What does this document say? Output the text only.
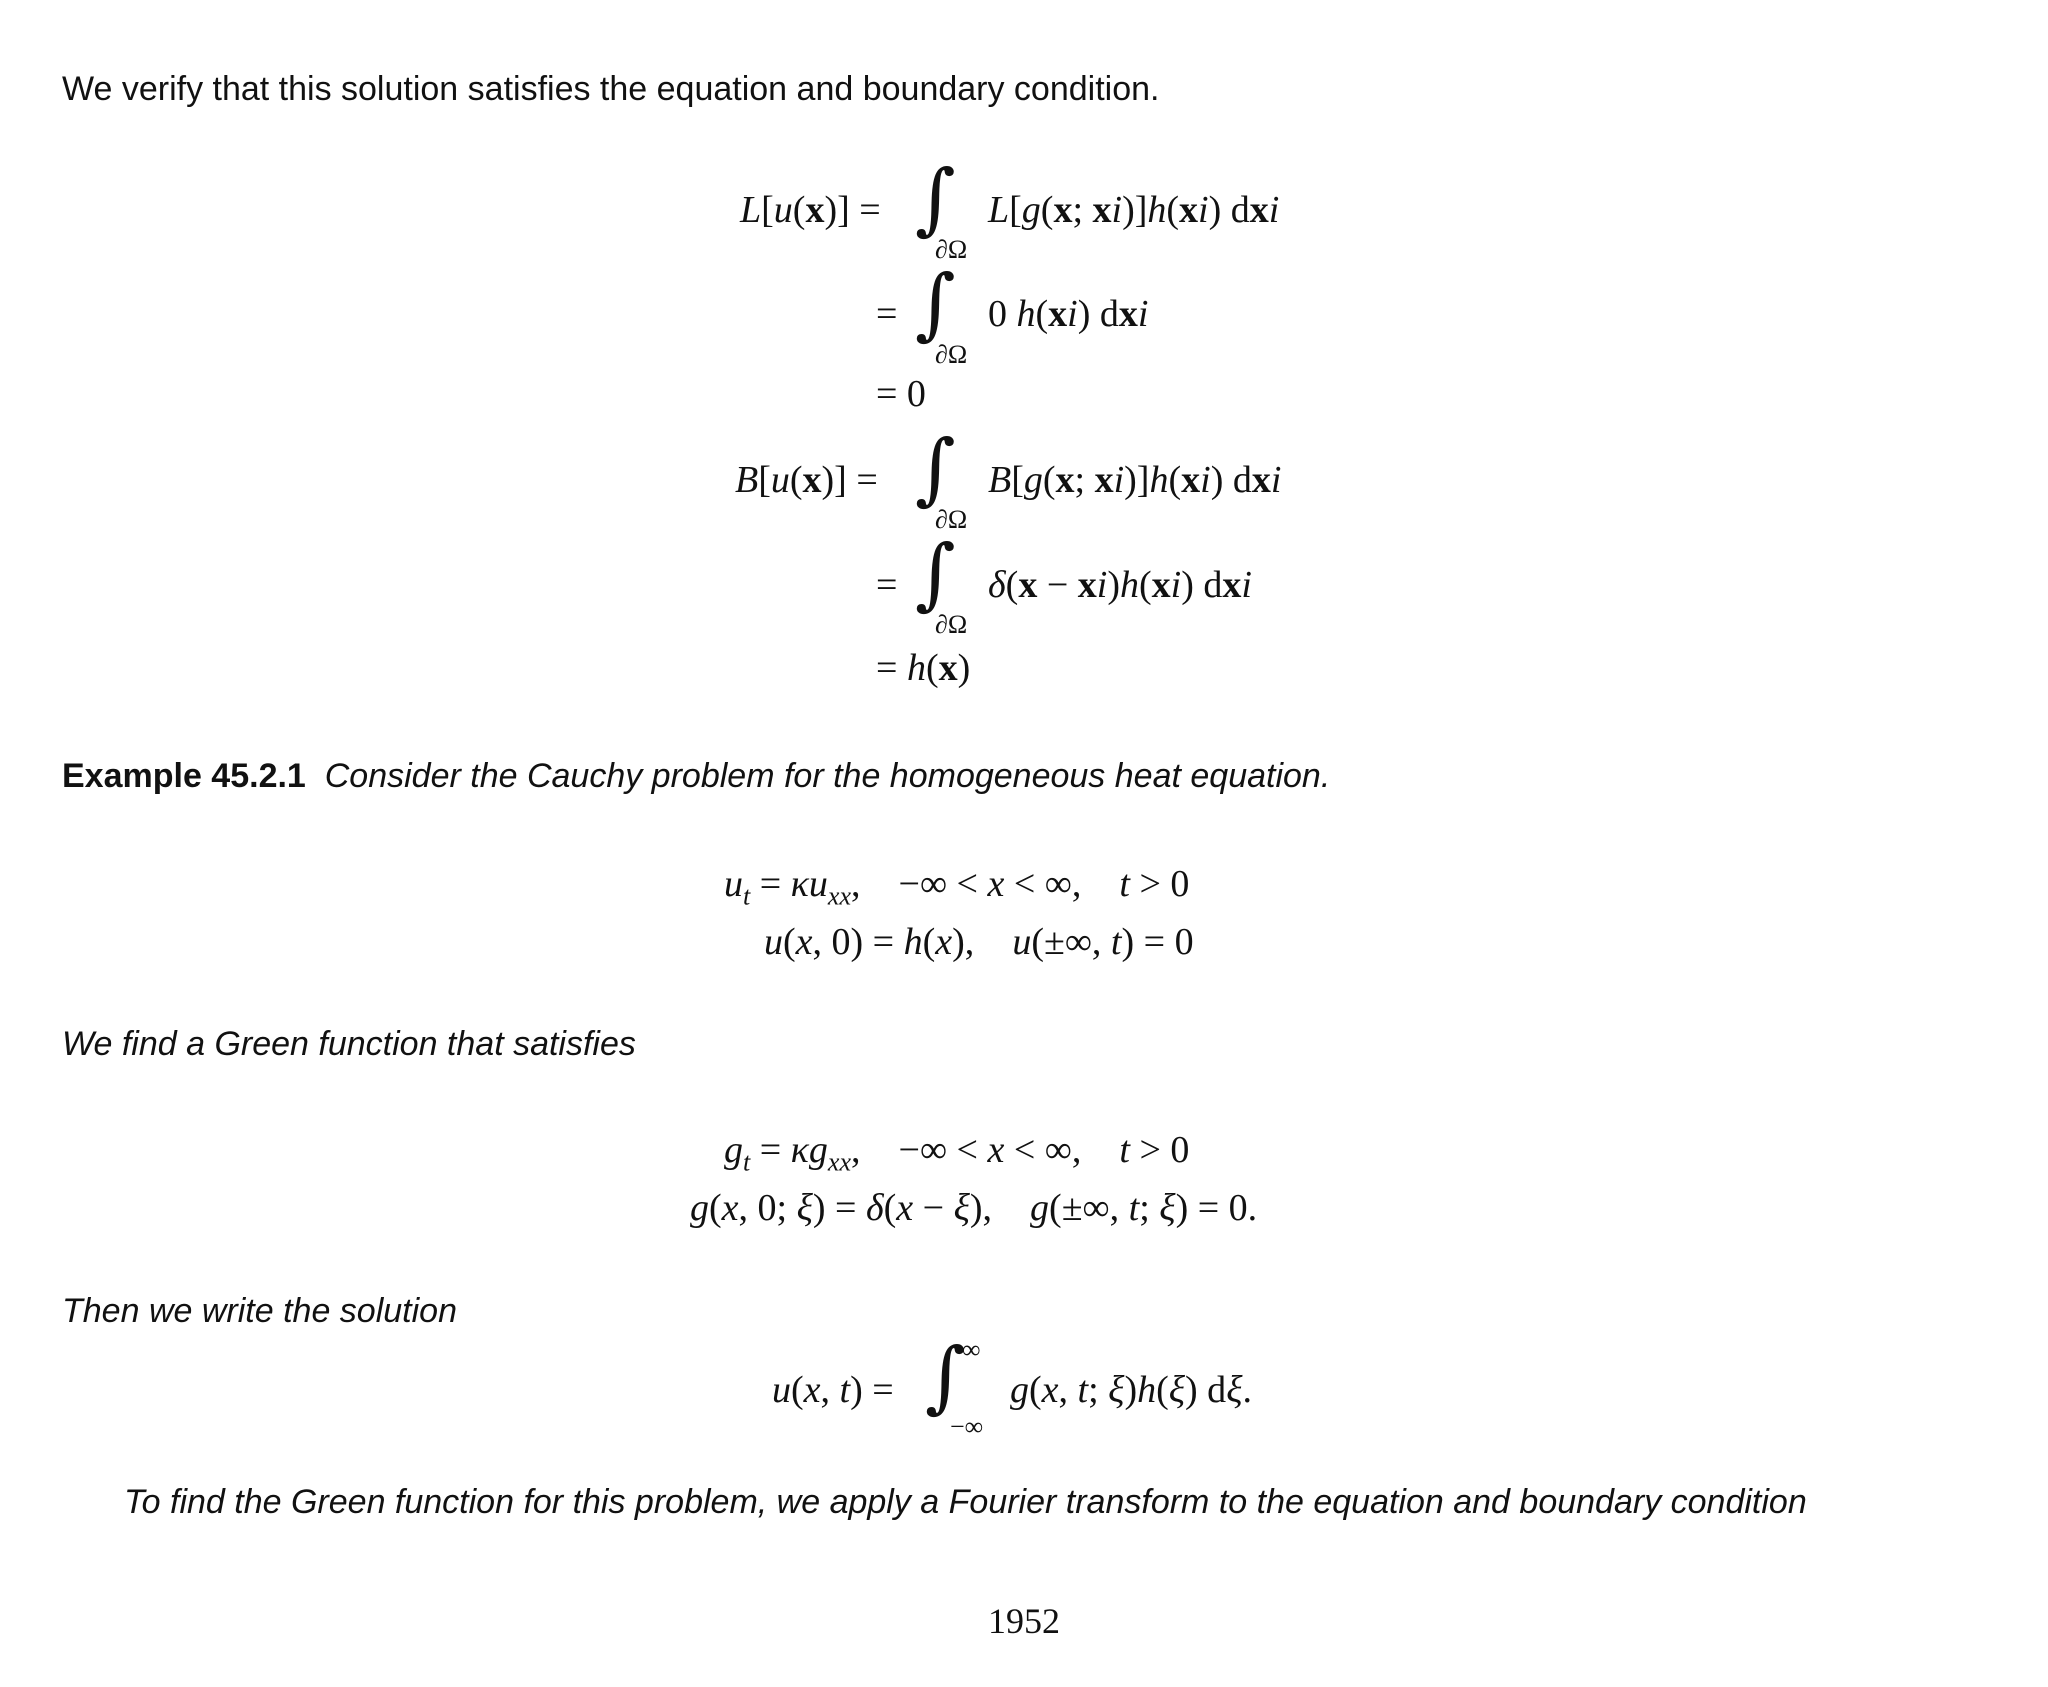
We verify that this solution satisfies the equation and boundary condition.
L[u(x)] = ∫
∂Ω
L[g(x; xi)]h(xi) dxi
= ∫
∂Ω
0 h(xi) dxi
= 0
B[u(x)] = ∫
∂Ω
B[g(x; xi)]h(xi) dxi
= ∫
∂Ω
δ(x − xi)h(xi) dxi
= h(x)
Example 45.2.1 Consider the Cauchy problem for the homogeneous heat equation.
$u_t = \kappa u_{xx}$, −∞ < x < ∞,    t > 0
u(x, 0) = h(x),    u(±∞, t) = 0
We find a Green function that satisfies
$g_t = \kappa g_{xx}$, −∞ < x < ∞,    t > 0
g(x, 0; ξ) = δ(x − ξ),    g(±∞, t; ξ) = 0.
Then we write the solution
u(x, t) = ∫
∞
−∞
g(x, t; ξ)h(ξ) dξ.
To find the Green function for this problem, we apply a Fourier transform to the equation and boundary condition
1952
